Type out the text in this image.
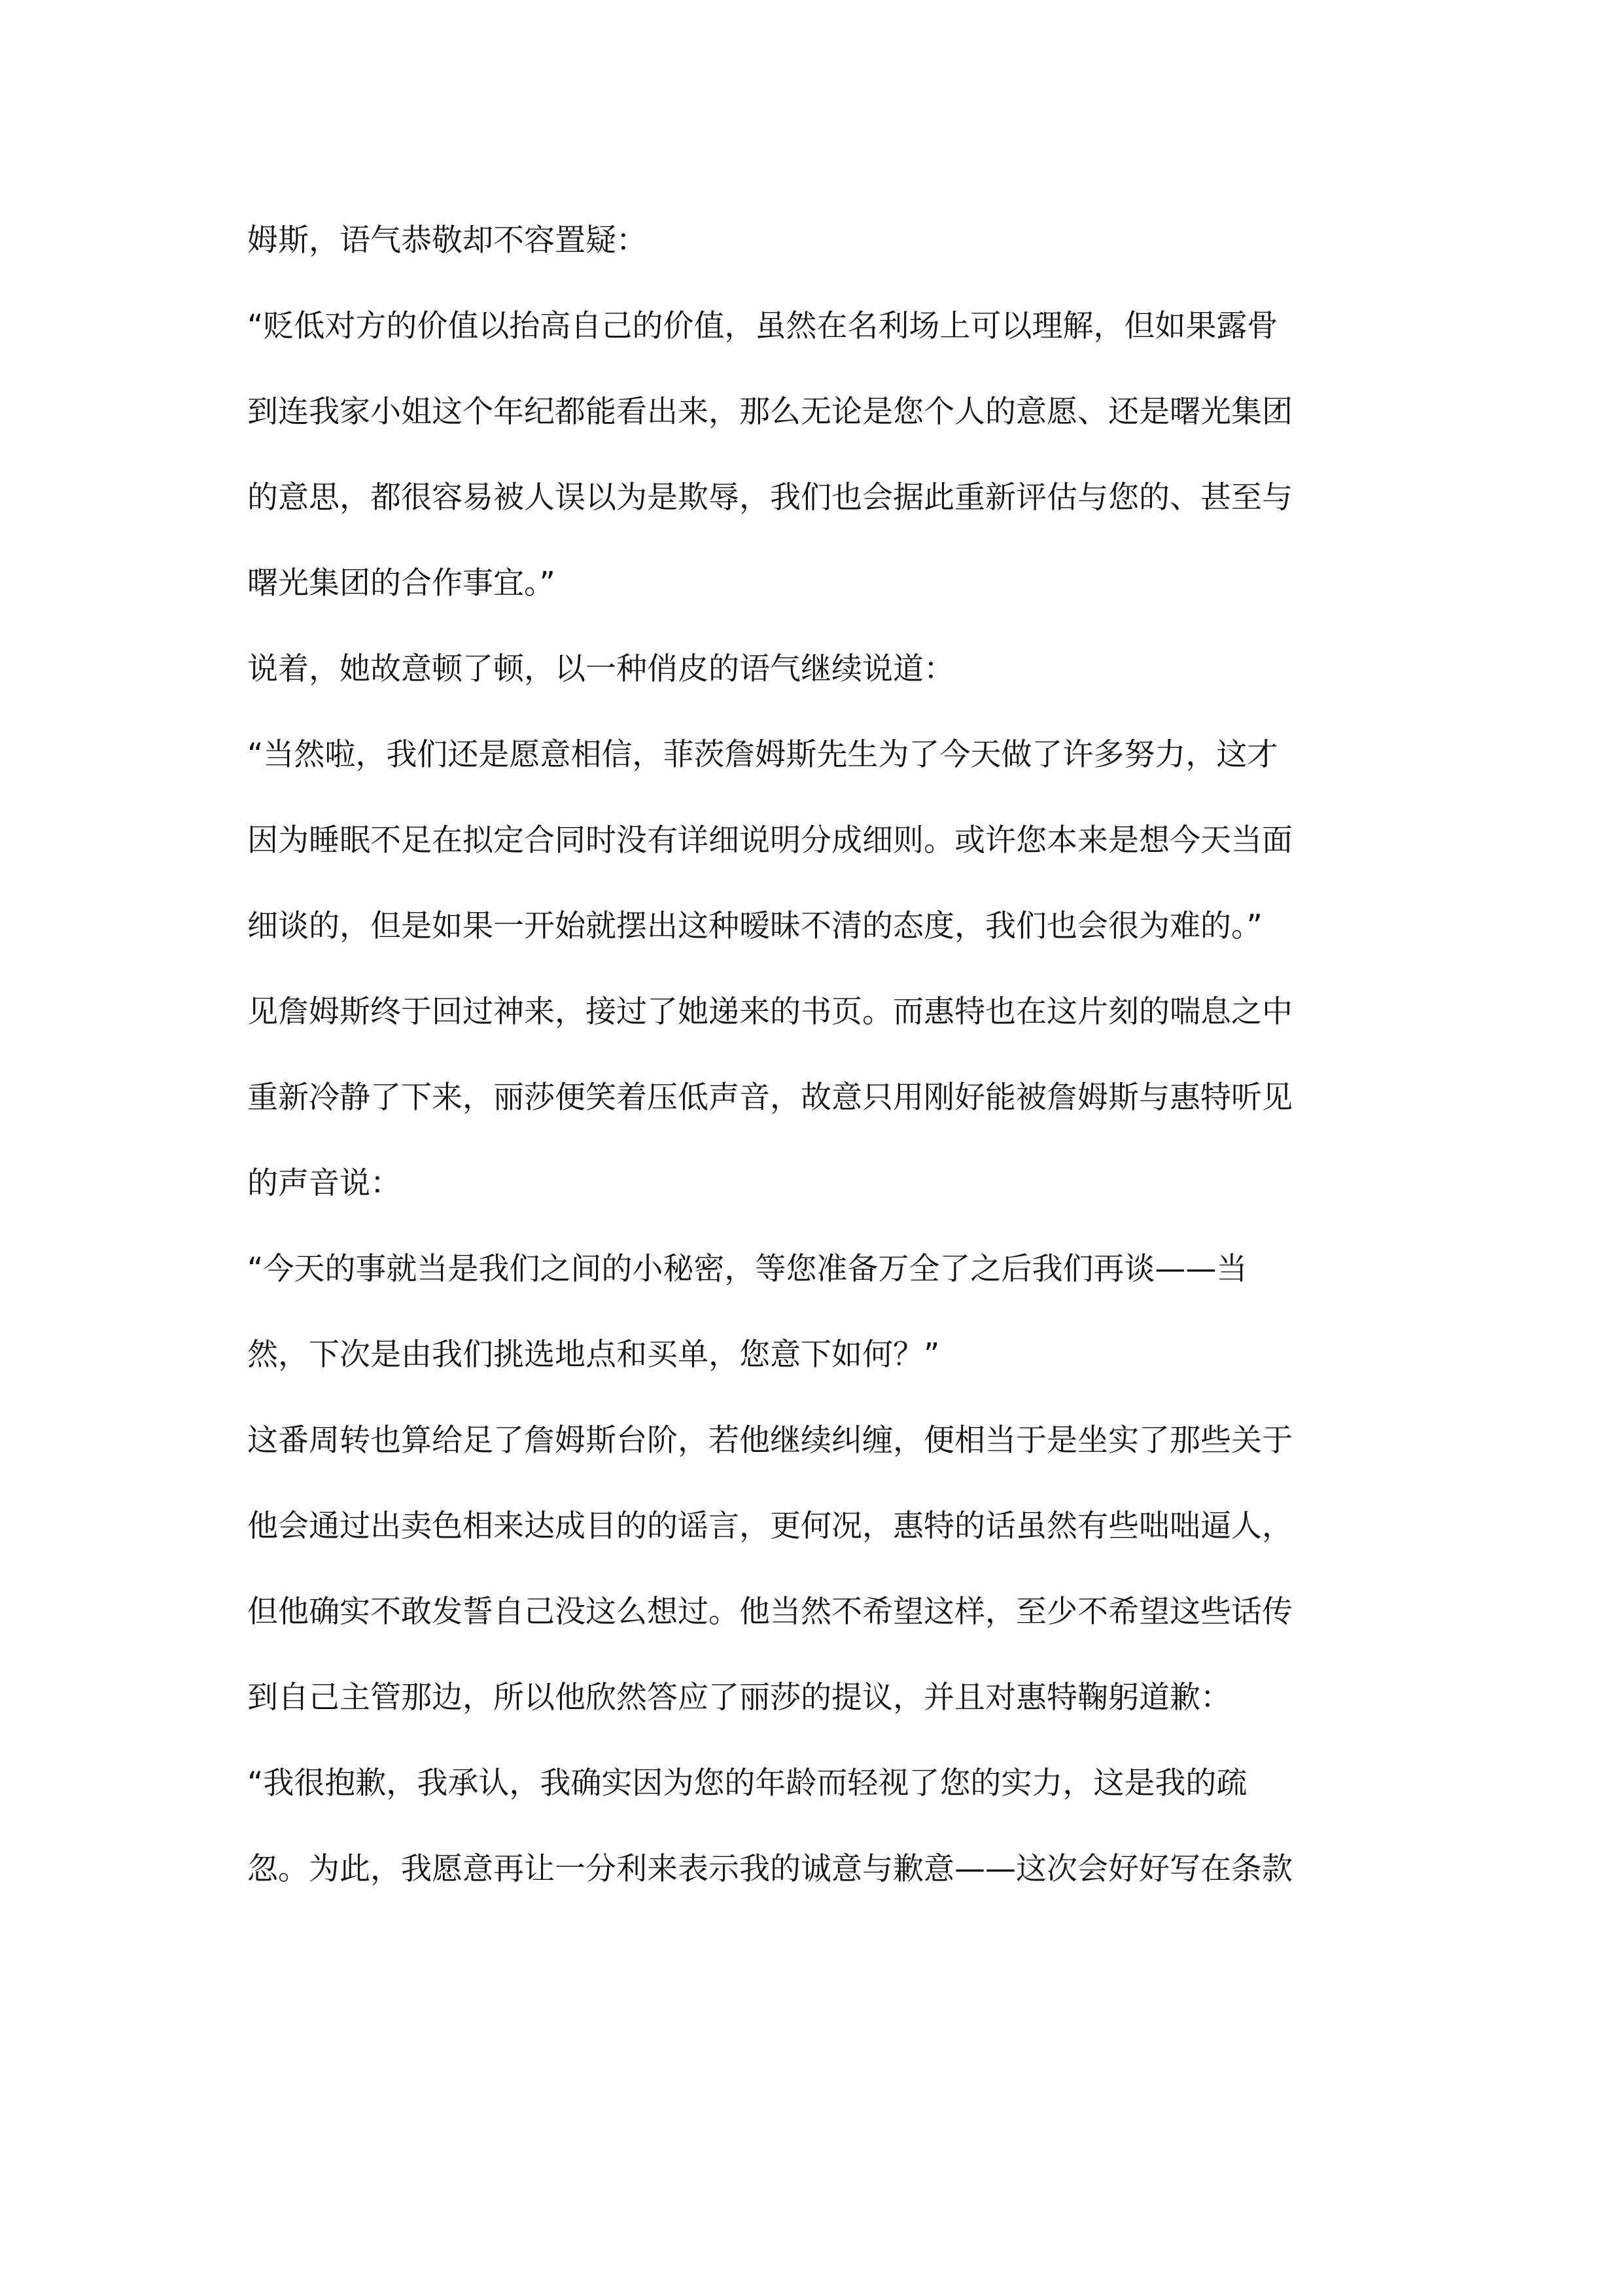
姆斯，语气恭敬却不容置疑：
“贬低对方的价值以抬高自己的价值，虽然在名利场上可以理解，但如果露骨
到连我家小姐这个年纪都能看出来，那么无论是您个人的意愿、还是曙光集团
的意思，都很容易被人误以为是欺辱，我们也会据此重新评估与您的、甚至与
曙光集团的合作事宜。”
说着，她故意顿了顿，以一种俏皮的语气继续说道：
“当然啦，我们还是愿意相信，菲茨詹姆斯先生为了今天做了许多努力，这才
因为睡眠不足在拟定合同时没有详细说明分成细则。或许您本来是想今天当面
细谈的，但是如果一开始就摆出这种暧昧不清的态度，我们也会很为难的。”
见詹姆斯终于回过神来，接过了她递来的书页。而惠特也在这片刻的喘息之中
重新冷静了下来，丽莎便笑着压低声音，故意只用刚好能被詹姆斯与惠特听见
的声音说：
“今天的事就当是我们之间的小秘密，等您准备万全了之后我们再谈——当
然，下次是由我们挑选地点和买单，您意下如何？”
这番周转也算给足了詹姆斯台阶，若他继续纠缠，便相当于是坐实了那些关于
他会通过出卖色相来达成目的的谣言，更何况，惠特的话虽然有些咄咄逼人，
但他确实不敢发誓自己没这么想过。他当然不希望这样，至少不希望这些话传
到自己主管那边，所以他欣然答应了丽莎的提议，并且对惠特鞠躬道歉：
“我很抱歉，我承认，我确实因为您的年龄而轻视了您的实力，这是我的疏
忽。为此，我愿意再让一分利来表示我的诚意与歉意——这次会好好写在条款
